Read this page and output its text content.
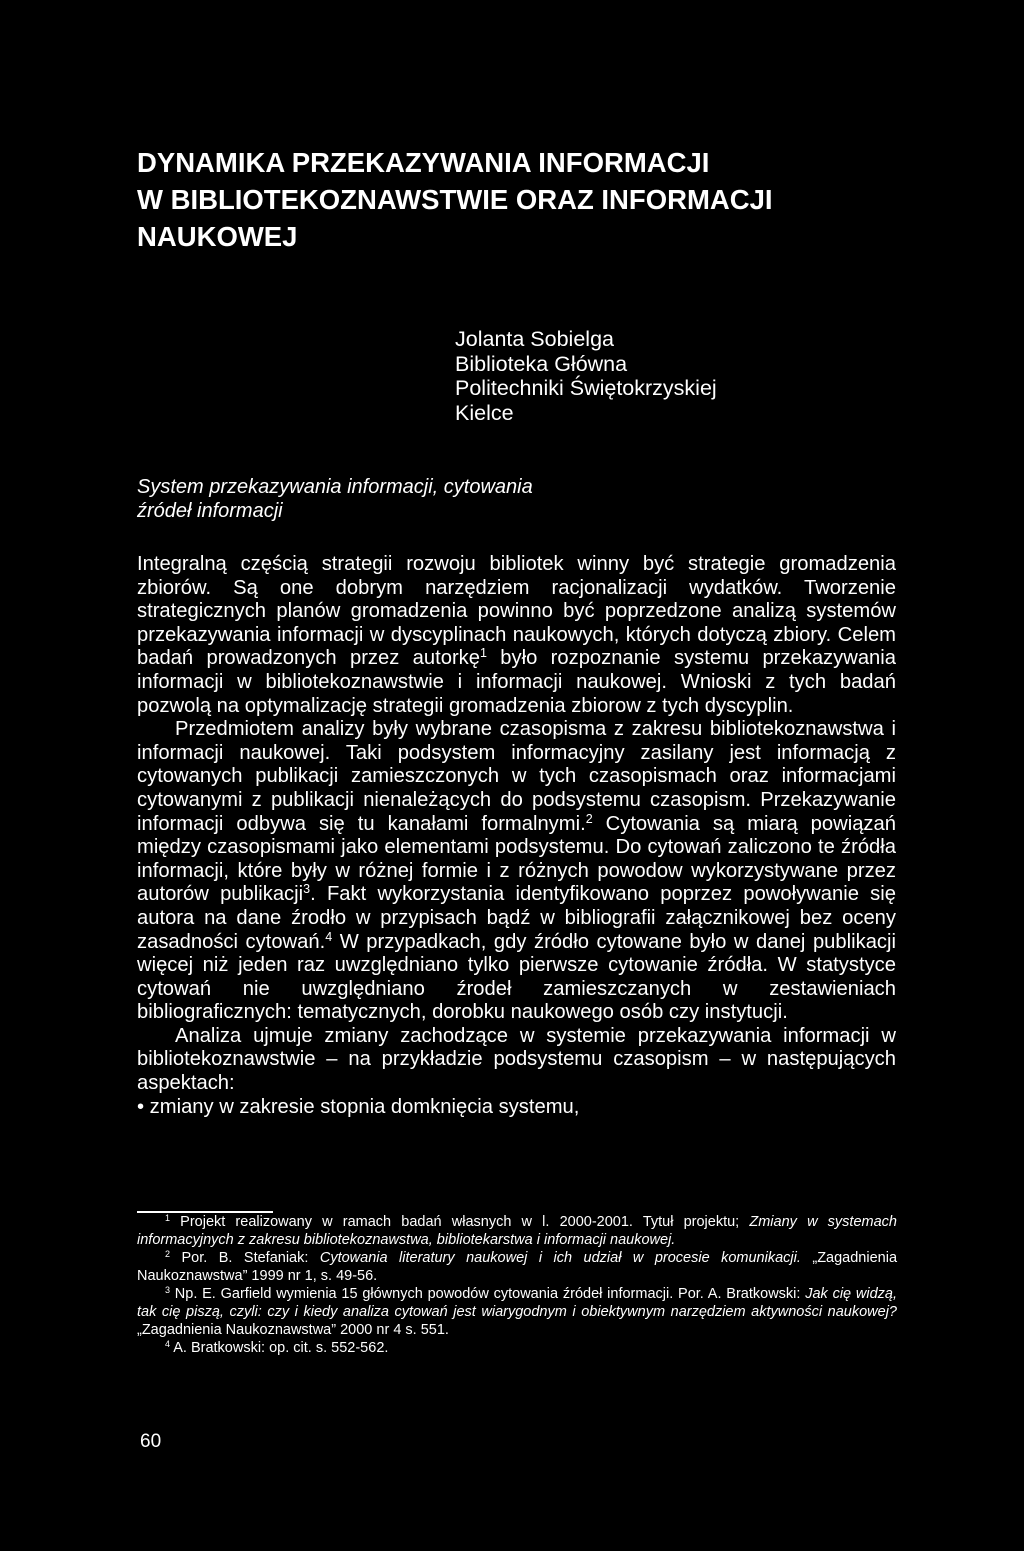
DYNAMIKA PRZEKAZYWANIA INFORMACJI
W BIBLIOTEKOZNAWSTWIE ORAZ INFORMACJI
NAUKOWEJ
Jolanta Sobielga
Biblioteka Główna
Politechniki Świętokrzyskiej
Kielce
System przekazywania informacji, cytowania
źródeł informacji

Integralną częścią strategii rozwoju bibliotek winny być strategie gromadzenia zbiorów. Są one dobrym narzędziem racjonalizacji wydatków. Tworzenie strategicznych planów gromadzenia powinno być poprzedzone analizą systemów przekazywania informacji w dyscyplinach naukowych, których dotyczą zbiory. Celem badań prowadzonych przez autorkę$^1$ było rozpoznanie systemu przekazywania informacji w bibliotekoznawstwie i informacji naukowej. Wnioski z tych badań pozwolą na optymalizację strategii gromadzenia zbiorow z tych dyscyplin.

Przedmiotem analizy były wybrane czasopisma z zakresu bibliotekoznawstwa i informacji naukowej. Taki podsystem informacyjny zasilany jest informacją z cytowanych publikacji zamieszczonych w tych czasopismach oraz informacjami cytowanymi z publikacji nienależących do podsystemu czasopism. Przekazywanie informacji odbywa się tu kanałami formalnymi.$^2$ Cytowania są miarą powiązań między czasopismami jako elementami podsystemu. Do cytowań zaliczono te źródła informacji, które były w różnej formie i z różnych powodow wykorzystywane przez autorów publikacji$^3$. Fakt wykorzystania identyfikowano poprzez powoływanie się autora na dane źrodło w przypisach bądź w bibliografii załącznikowej bez oceny zasadności cytowań.$^4$ W przypadkach, gdy źródło cytowane było w danej publikacji więcej niż jeden raz uwzględniano tylko pierwsze cytowanie źródła. W statystyce cytowań nie uwzględniano źrodeł zamieszczanych w zestawieniach bibliograficznych: tematycznych, dorobku naukowego osób czy instytucji.

Analiza ujmuje zmiany zachodzące w systemie przekazywania informacji w bibliotekoznawstwie – na przykładzie podsystemu czasopism – w następujących aspektach:

• zmiany w zakresie stopnia domknięcia systemu,

$^1$ Projekt realizowany w ramach badań własnych w l. 2000-2001. Tytuł projektu; Zmiany w systemach informacyjnych z zakresu bibliotekoznawstwa, bibliotekarstwa i informacji naukowej.

$^2$ Por. B. Stefaniak: Cytowania literatury naukowej i ich udział w procesie komunikacji. „Zagadnienia Naukoznawstwa” 1999 nr 1, s. 49-56.

$^3$ Np. E. Garfield wymienia 15 głównych powodów cytowania źródeł informacji. Por. A. Bratkowski: Jak cię widzą, tak cię piszą, czyli: czy i kiedy analiza cytowań jest wiarygodnym i obiektywnym narzędziem aktywności naukowej? „Zagadnienia Naukoznawstwa” 2000 nr 4 s. 551.

$^4$ A. Bratkowski: op. cit. s. 552-562.

60
